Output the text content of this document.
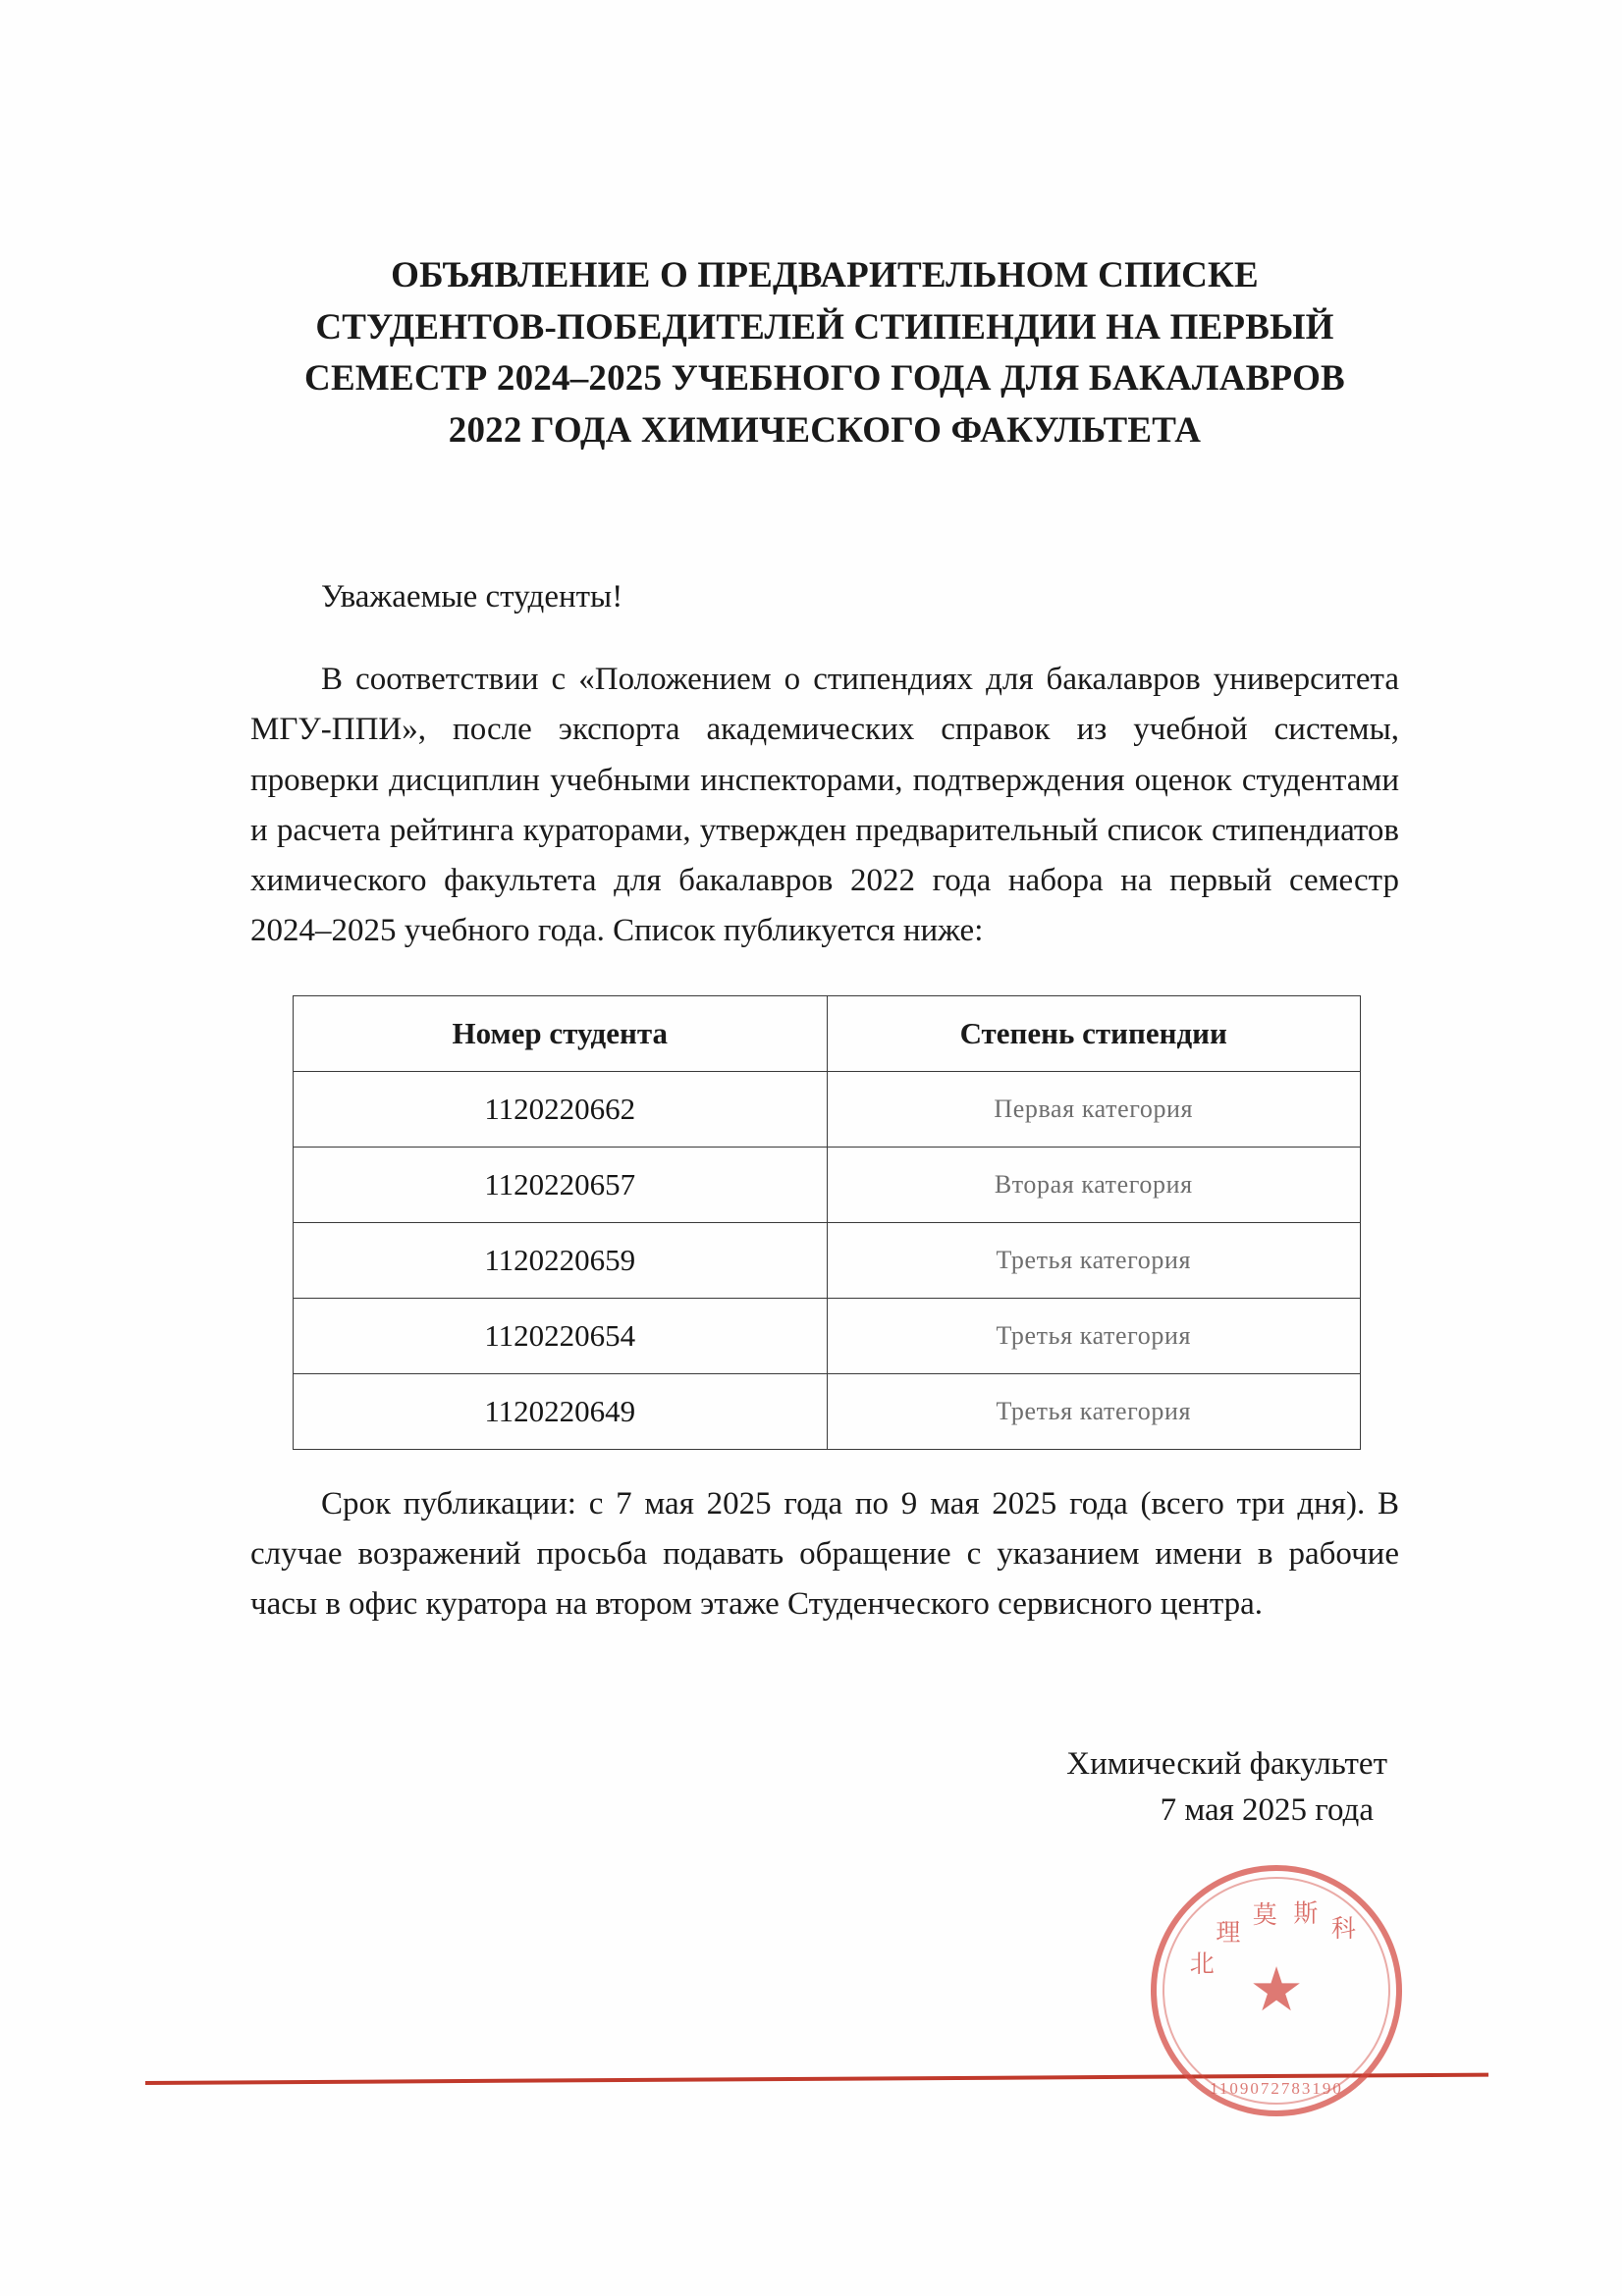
ОБЪЯВЛЕНИЕ О ПРЕДВАРИТЕЛЬНОМ СПИСКЕ СТУДЕНТОВ-ПОБЕДИТЕЛЕЙ СТИПЕНДИИ НА ПЕРВЫЙ СЕМЕСТР 2024–2025 УЧЕБНОГО ГОДА ДЛЯ БАКАЛАВРОВ 2022 ГОДА ХИМИЧЕСКОГО ФАКУЛЬТЕТА

Уважаемые студенты!

В соответствии с «Положением о стипендиях для бакалавров университета МГУ-ППИ», после экспорта академических справок из учебной системы, проверки дисциплин учебными инспекторами, подтверждения оценок студентами и расчета рейтинга кураторами, утвержден предварительный список стипендиатов химического факультета для бакалавров 2022 года набора на первый семестр 2024–2025 учебного года. Список публикуется ниже:

Номер студента	Степень стипендии
1120220662	Первая категория
1120220657	Вторая категория
1120220659	Третья категория
1120220654	Третья категория
1120220649	Третья категория

Срок публикации: с 7 мая 2025 года по 9 мая 2025 года (всего три дня). В случае возражений просьба подавать обращение с указанием имени в рабочие часы в офис куратора на втором этаже Студенческого сервисного центра.

Химический факультет
7 мая 2025 года
北
理
莫 斯
科
★
1109072783190
